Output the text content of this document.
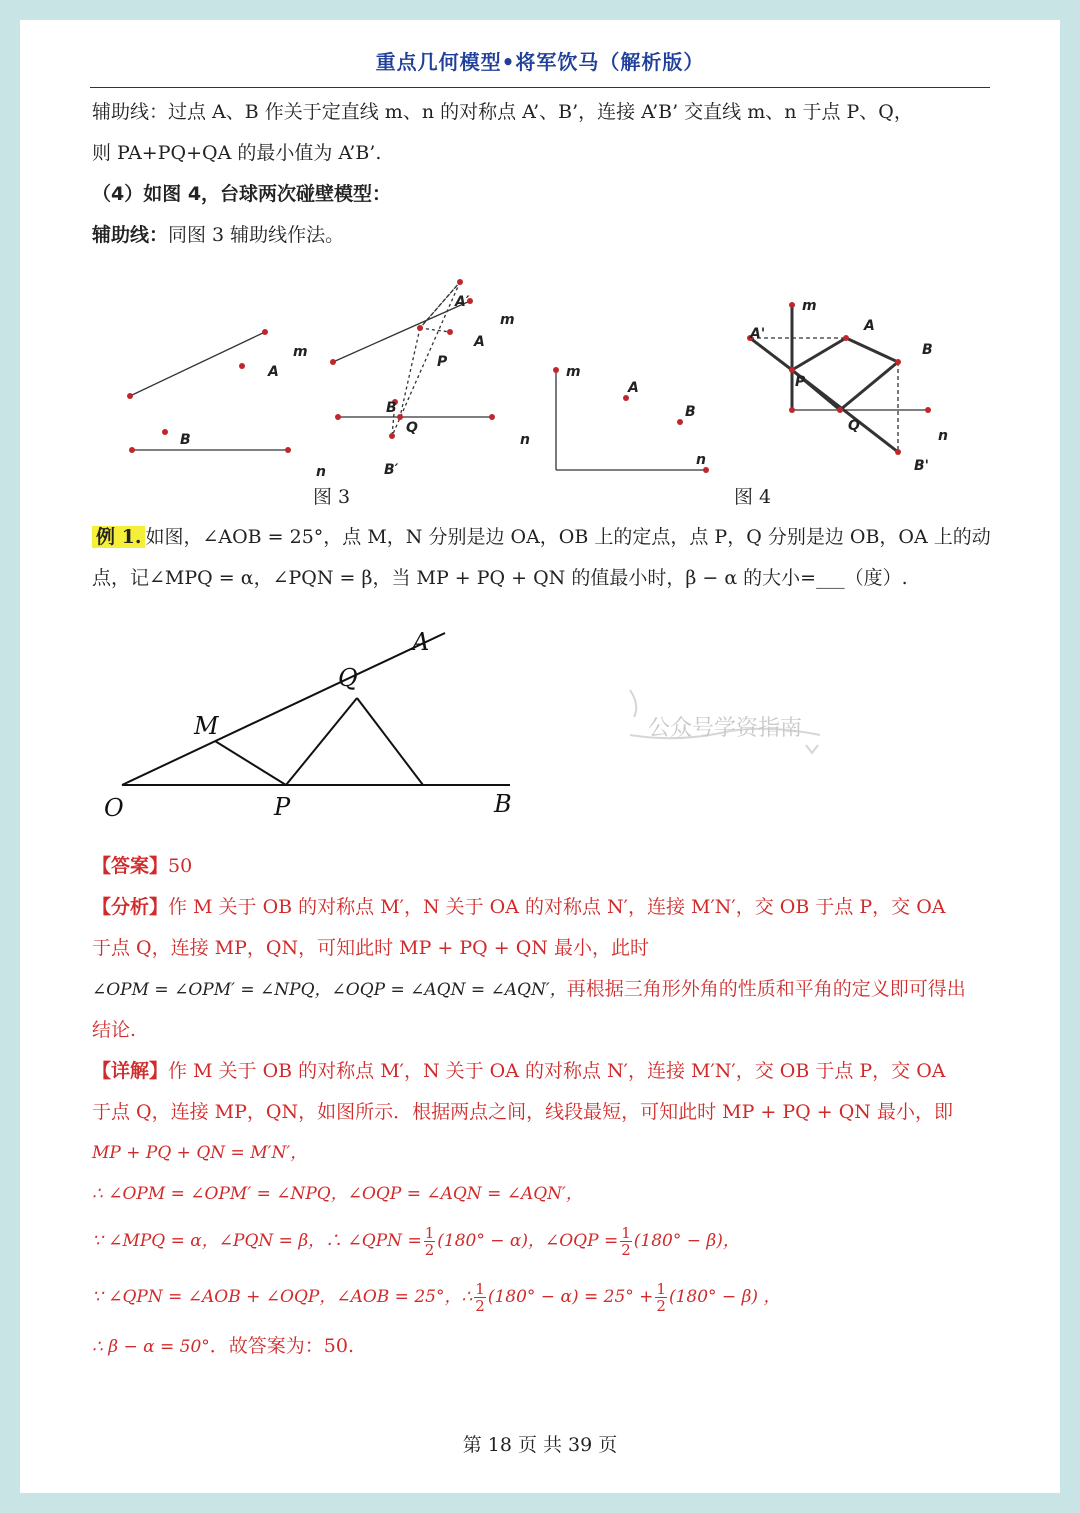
重点几何模型•将军饮马（解析版）
辅助线：过点 A、B 作关于定直线 m、n 的对称点 A’、B’，连接 A’B’ 交直线 m、n 于点 P、Q，
则 PA+PQ+QA 的最小值为 A’B’.
（4）如图 4，台球两次碰壁模型：
辅助线：同图 3 辅助线作法。
m
A
B
n
A′
m
A
P
B
Q
n
B′
m
A
B
n
m
A
A'
B
P
Q
n
B'
图 3	图 4
例 1. 如图，∠AOB = 25°，点 M，N 分别是边 OA，OB 上的定点，点 P，Q 分别是边 OB，OA 上的动
点，记∠MPQ = α，∠PQN = β，当 MP + PQ + QN 的值最小时，β − α 的大小=___（度）.
O
A
B
M
P
Q
公众号学资指南
【答案】50
【分析】作 M 关于 OB 的对称点 M′，N 关于 OA 的对称点 N′，连接 M′N′，交 OB 于点 P，交 OA
于点 Q，连接 MP，QN，可知此时 MP + PQ + QN 最小，此时
∠OPM = ∠OPM′ = ∠NPQ，∠OQP = ∠AQN = ∠AQN′，再根据三角形外角的性质和平角的定义即可得出
结论.
【详解】作 M 关于 OB 的对称点 M′，N 关于 OA 的对称点 N′，连接 M′N′，交 OB 于点 P，交 OA
于点 Q，连接 MP，QN，如图所示．根据两点之间，线段最短，可知此时 MP + PQ + QN 最小，即
MP + PQ + QN = M′N′，
∴ ∠OPM = ∠OPM′ = ∠NPQ，∠OQP = ∠AQN = ∠AQN′，
∵ ∠MPQ = α，∠PQN = β，∴ ∠QPN = $\frac{1}{2} (180^\circ - \alpha)$，∠OQP = $\frac{1}{2} (180^\circ - \beta)$，
∵ ∠QPN = ∠AOB + ∠OQP，∠AOB = 25°，∴ $\frac{1}{2} (180^\circ - \alpha) = 25^\circ + \frac{1}{2} (180^\circ - \beta)$ ，
∴ β − α = 50°．故答案为：50.
第 18 页 共 39 页
